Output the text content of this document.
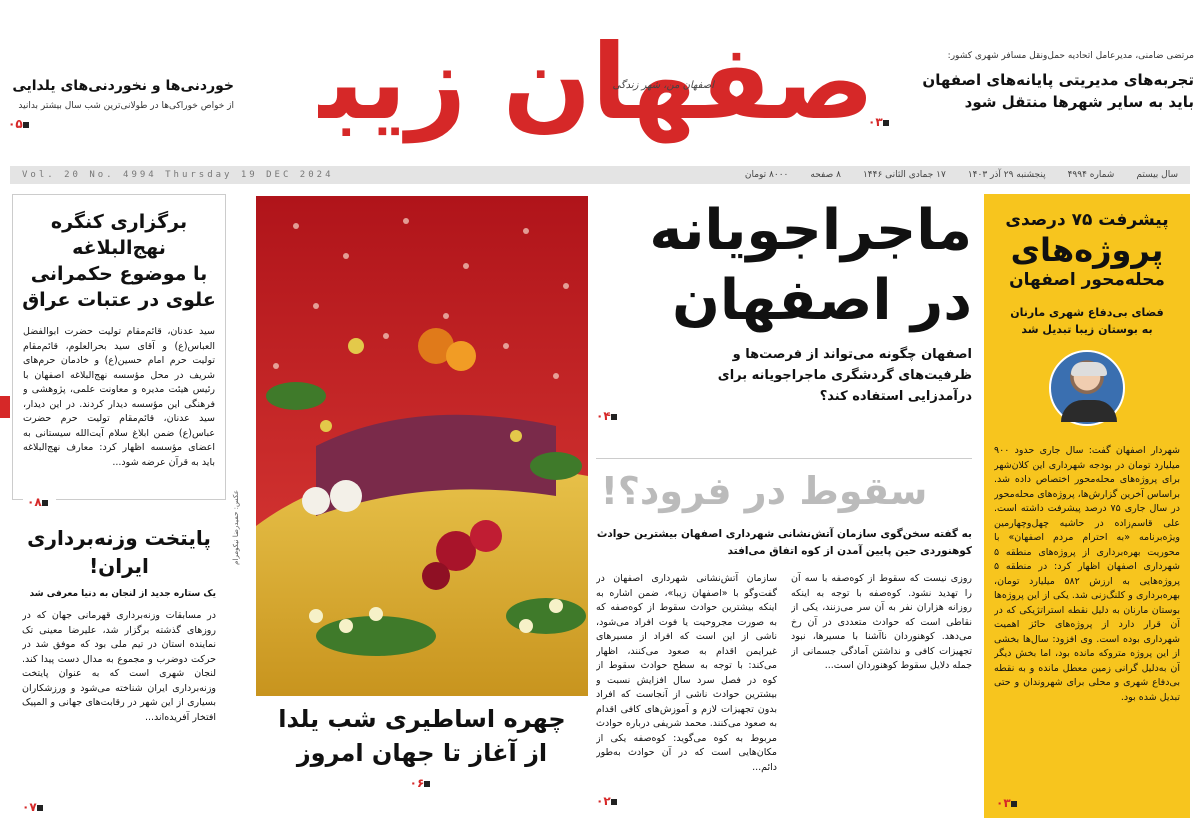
مرتضی ضامنی، مدیرعامل اتحادیه حمل‌ونقل مسافر شهری کشور:
تجربه‌های مدیریتی پایانه‌های اصفهان
باید به سایر شهرها منتقل شود
۰۳
اصفهان زیب	اصفهان من، شهر زندگی
خوردنی‌ها و نخوردنی‌های یلدایی
از خواص خوراکی‌ها در طولانی‌ترین شب سال بیشتر بدانید
۰۵
Vol. 20 No. 4994 Thursday 19 DEC 2024	سال بیستم
شماره ۴۹۹۴
پنجشنبه ۲۹ آذر ۱۴۰۳
۱۷ جمادی الثانی ۱۴۴۶
۸ صفحه
۸۰۰۰ تومان
پیشرفت ۷۵ درصدی
پروژه‌های
محله‌محور اصفهان
فضای بی‌دفاع شهری مارنان به بوستان زیبا تبدیل شد
شهردار اصفهان گفت: سال جاری حدود ۹۰۰ میلیارد تومان در بودجه شهرداری این کلان‌شهر برای پروژه‌های محله‌محور اختصاص داده شد. براساس آخرین گزارش‌ها، پروژه‌های محله‌محور در سال جاری ۷۵ درصد پیشرفت داشته است. علی قاسم‌زاده در حاشیه چهل‌وچهارمین ویژه‌برنامه «به احترام مردم اصفهان» با محوریت بهره‌برداری از پروژه‌های منطقه ۵ شهرداری اصفهان اظهار کرد: در منطقه ۵ پروژه‌هایی به ارزش ۵۸۲ میلیارد تومان، بهره‌برداری و کلنگ‌زنی شد. یکی از این پروژه‌ها بوستان مارنان به دلیل نقطه استراتژیکی که در آن قرار دارد از پروژه‌های حائز اهمیت شهرداری بوده است. وی افزود: سال‌ها بخشی از این پروژه متروکه مانده بود، اما بخش دیگر آن به‌دلیل گرانی زمین معطل مانده و به نقطه بی‌دفاع شهری و محلی برای شهروندان و حتی تبدیل شده بود.
۰۳
ماجراجویانه
در اصفهان
اصفهان چگونه می‌تواند از فرصت‌ها و ظرفیت‌های گردشگری ماجراجویانه برای درآمدزایی استفاده کند؟
۰۴
سقوط در فرود؟!
به گفته سخن‌گوی سازمان آتش‌نشانی شهرداری اصفهان بیشترین حوادث کوهنوردی حین پایین آمدن از کوه اتفاق می‌افتد
روزی نیست که سقوط از کوه‌صفه با سه آن را تهدید نشود. کوه‌صفه با توجه به اینکه روزانه هزاران نفر به آن سر می‌زنند، یکی از نقاطی است که حوادث متعددی در آن رخ می‌دهد. کوهنوردان ناآشنا با مسیرها، نبود تجهیزات کافی و نداشتن آمادگی جسمانی از جمله دلایل سقوط کوهنوردان است...
سازمان آتش‌نشانی شهرداری اصفهان در گفت‌وگو با «اصفهان زیبا»، ضمن اشاره به اینکه بیشترین حوادث سقوط از کوه‌صفه که به صورت مجروحیت یا فوت افراد می‌شود، ناشی از این است که افراد از مسیرهای غیرایمن اقدام به صعود می‌کنند، اظهار می‌کند: با توجه به سطح حوادث سقوط از کوه در فصل سرد سال افزایش نسبت و بیشترین حوادث ناشی از آنجاست که افراد بدون تجهیزات لازم و آموزش‌های کافی اقدام به صعود می‌کنند. محمد شریفی درباره حوادث مربوط به کوه می‌گوید: کوه‌صفه یکی از مکان‌هایی است که در آن حوادث به‌طور دائم...
۰۲
عکس: حمیدرضا نیکومرام
چهره اساطیری شب یلدا
از آغاز تا جهان امروز
۰۶
برگزاری کنگره
نهج‌البلاغه
با موضوع حکمرانی
علوی در عتبات عراق
سید عدنان، قائم‌مقام تولیت حضرت ابوالفضل العباس(ع) و آقای سید بحرالعلوم، قائم‌مقام تولیت حرم امام حسین(ع) و خادمان حرم‌های شریف در محل مؤسسه نهج‌البلاغه اصفهان با رئیس هیئت مدیره و معاونت علمی، پژوهشی و فرهنگی این مؤسسه دیدار کردند. در این دیدار، سید عدنان، قائم‌مقام تولیت حرم حضرت عباس(ع) ضمن ابلاغ سلام آیت‌الله سیستانی به اعضای مؤسسه اظهار کرد: معارف نهج‌البلاغه باید به قرآن عرضه شود...
۰۸
پایتخت وزنه‌برداری
ایران!
یک ستاره جدید از لنجان به دنیا معرفی شد
در مسابقات وزنه‌برداری قهرمانی جهان که در روزهای گذشته برگزار شد، علیرضا معینی تک نماینده استان در تیم ملی بود که موفق شد در حرکت دوضرب و مجموع به مدال دست پیدا کند. لنجان شهری است که به عنوان پایتخت وزنه‌برداری ایران شناخته می‌شود و ورزشکاران بسیاری از این شهر در رقابت‌های جهانی و المپیک افتخار آفریده‌اند...
۰۷
